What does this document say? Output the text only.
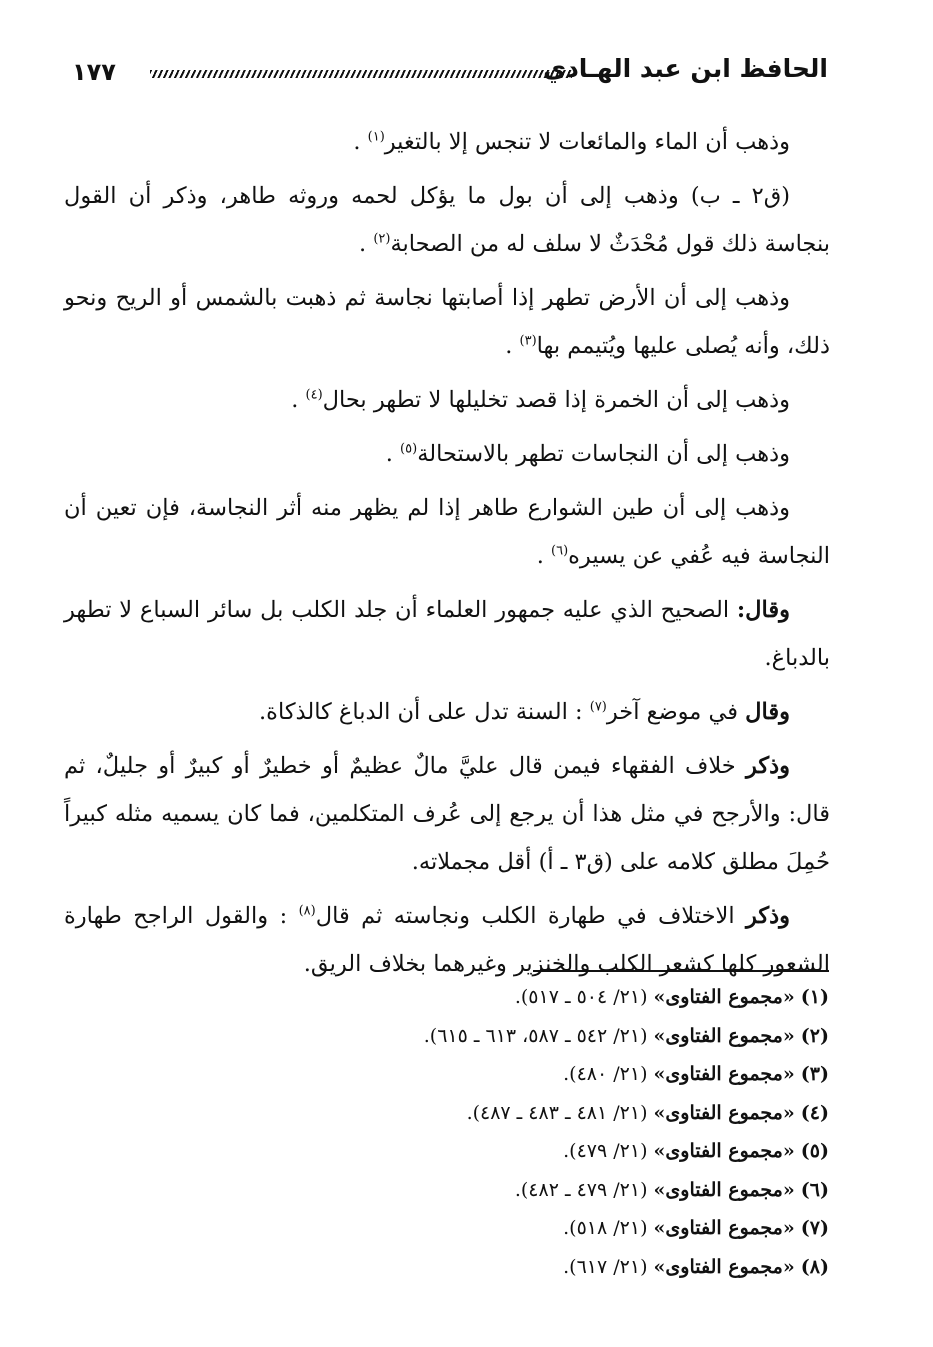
١٧٧	الحافظ ابن عبد الهـادي

وذهب أن الماء والمائعات لا تنجس إلا بالتغير$^{(١)}$ .

(ق٢ ـ ب) وذهب إلى أن بول ما يؤكل لحمه وروثه طاهر، وذكر أن القول بنجاسة ذلك قول مُحْدَثٌ لا سلف له من الصحابة$^{(٢)}$ .

وذهب إلى أن الأرض تطهر إذا أصابتها نجاسة ثم ذهبت بالشمس أو الريح ونحو ذلك، وأنه يُصلى عليها ويُتيمم بها$^{(٣)}$ .

وذهب إلى أن الخمرة إذا قصد تخليلها لا تطهر بحال$^{(٤)}$ .

وذهب إلى أن النجاسات تطهر بالاستحالة$^{(٥)}$ .

وذهب إلى أن طين الشوارع طاهر إذا لم يظهر منه أثر النجاسة، فإن تعين أن النجاسة فيه عُفي عن يسيره$^{(٦)}$ .

وقال: الصحيح الذي عليه جمهور العلماء أن جلد الكلب بل سائر السباع لا تطهر بالدباغ.

وقال في موضع آخر$^{(٧)}$ : السنة تدل على أن الدباغ كالذكاة.

وذكر خلاف الفقهاء فيمن قال عليَّ مالٌ عظيمٌ أو خطيرٌ أو كبيرٌ أو جليلٌ، ثم قال: والأرجح في مثل هذا أن يرجع إلى عُرف المتكلمين، فما كان يسميه مثله كبيراً حُمِلَ مطلق كلامه على (ق٣ ـ أ) أقل مجملاته.

وذكر الاختلاف في طهارة الكلب ونجاسته ثم قال$^{(٨)}$ : والقول الراجح طهارة الشعور كلها كشعر الكلب والخنزير وغيرهما بخلاف الريق.

(١) «مجموع الفتاوى» (٢١/ ٥٠٤ ـ ٥١٧).
(٢) «مجموع الفتاوى» (٢١/ ٥٤٢ ـ ٥٨٧، ٦١٣ ـ ٦١٥).
(٣) «مجموع الفتاوى» (٢١/ ٤٨٠).
(٤) «مجموع الفتاوى» (٢١/ ٤٨١ ـ ٤٨٣ ـ ٤٨٧).
(٥) «مجموع الفتاوى» (٢١/ ٤٧٩).
(٦) «مجموع الفتاوى» (٢١/ ٤٧٩ ـ ٤٨٢).
(٧) «مجموع الفتاوى» (٢١/ ٥١٨).
(٨) «مجموع الفتاوى» (٢١/ ٦١٧).
